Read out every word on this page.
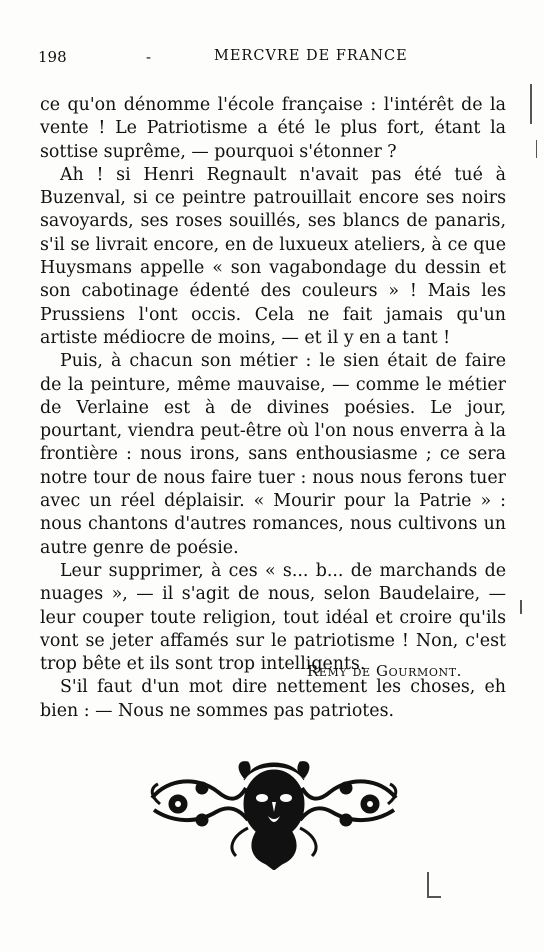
198	-	MERCVRE DE FRANCE

ce qu'on dénomme l'école française : l'intérêt de la vente ! Le Patriotisme a été le plus fort, étant la sottise suprême, — pourquoi s'étonner ?

Ah ! si Henri Regnault n'avait pas été tué à Buzenval, si ce peintre patrouillait encore ses noirs savoyards, ses roses souillés, ses blancs de panaris, s'il se livrait encore, en de luxueux ateliers, à ce que Huysmans appelle « son vagabondage du dessin et son cabotinage édenté des couleurs » ! Mais les Prussiens l'ont occis. Cela ne fait jamais qu'un artiste médiocre de moins, — et il y en a tant !

Puis, à chacun son métier : le sien était de faire de la peinture, même mauvaise, — comme le métier de Verlaine est à de divines poésies. Le jour, pourtant, viendra peut-être où l'on nous enverra à la frontière : nous irons, sans enthousiasme ; ce sera notre tour de nous faire tuer : nous nous ferons tuer avec un réel déplaisir. « Mourir pour la Patrie » : nous chantons d'autres romances, nous cultivons un autre genre de poésie.

Leur supprimer, à ces « s... b... de marchands de nuages », — il s'agit de nous, selon Baudelaire, — leur couper toute religion, tout idéal et croire qu'ils vont se jeter affamés sur le patriotisme ! Non, c'est trop bête et ils sont trop intelligents.

S'il faut d'un mot dire nettement les choses, eh bien : — Nous ne sommes pas patriotes.

Remy de Gourmont.
